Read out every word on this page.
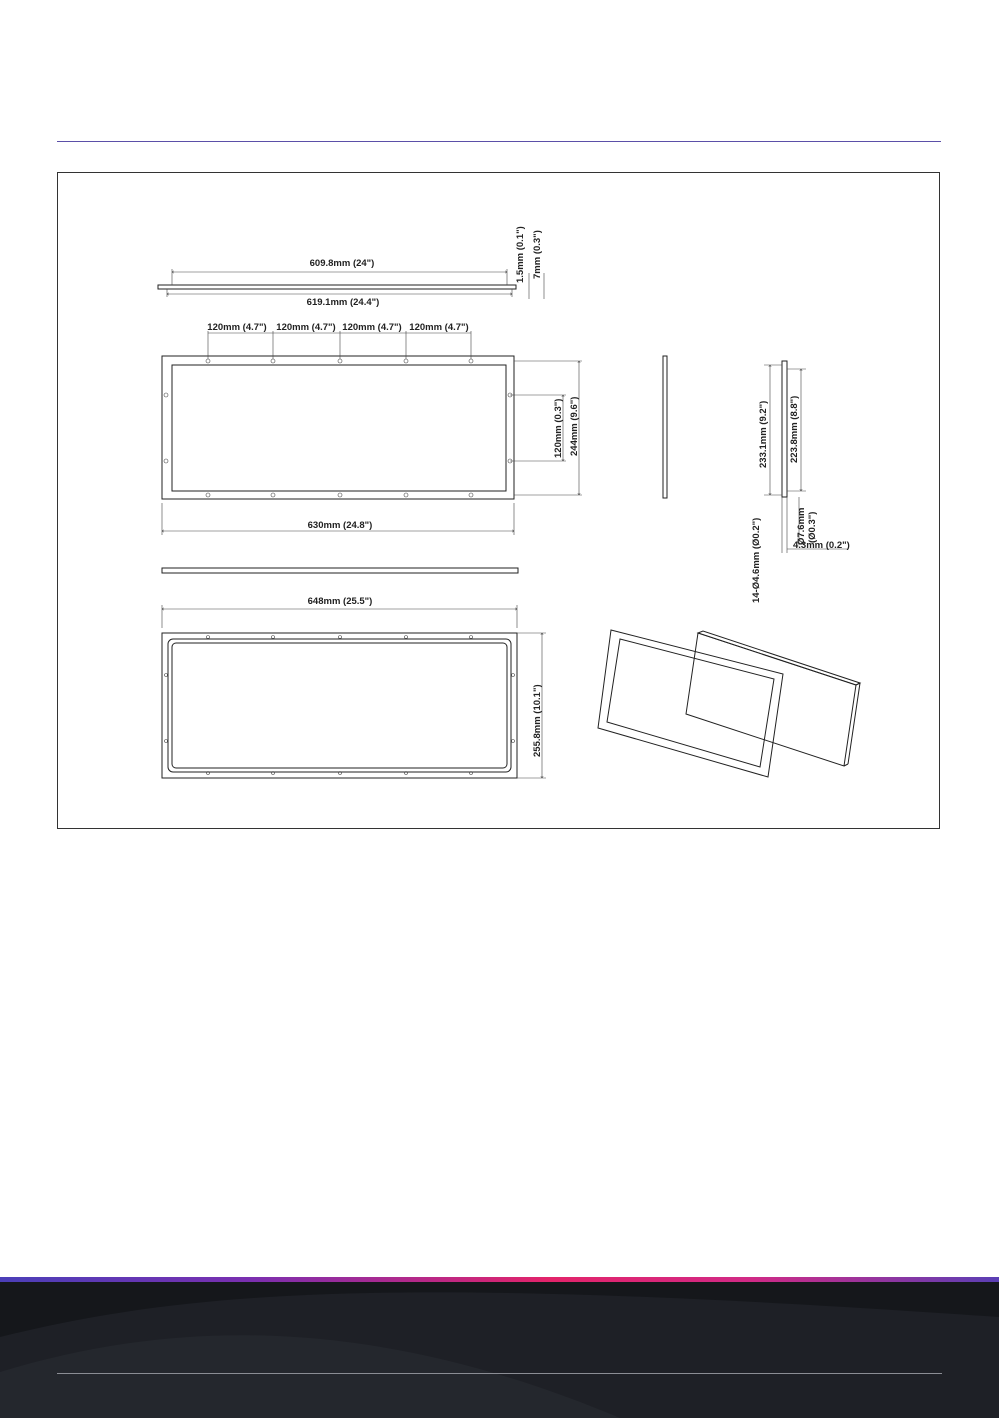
609.8mm (24")
619.1mm (24.4")
1.5mm (0.1") 7mm (0.3")
120mm (4.7") 120mm (4.7") 120mm (4.7") 120mm (4.7")
120mm (0.3") 244mm (9.6")
630mm (24.8")
233.1mm (9.2") 223.8mm (8.8")
14-Ø4.6mm (Ø0.2")	Ø7.6mm (Ø0.3")
4.3mm (0.2")
648mm (25.5")
255.8mm (10.1")
